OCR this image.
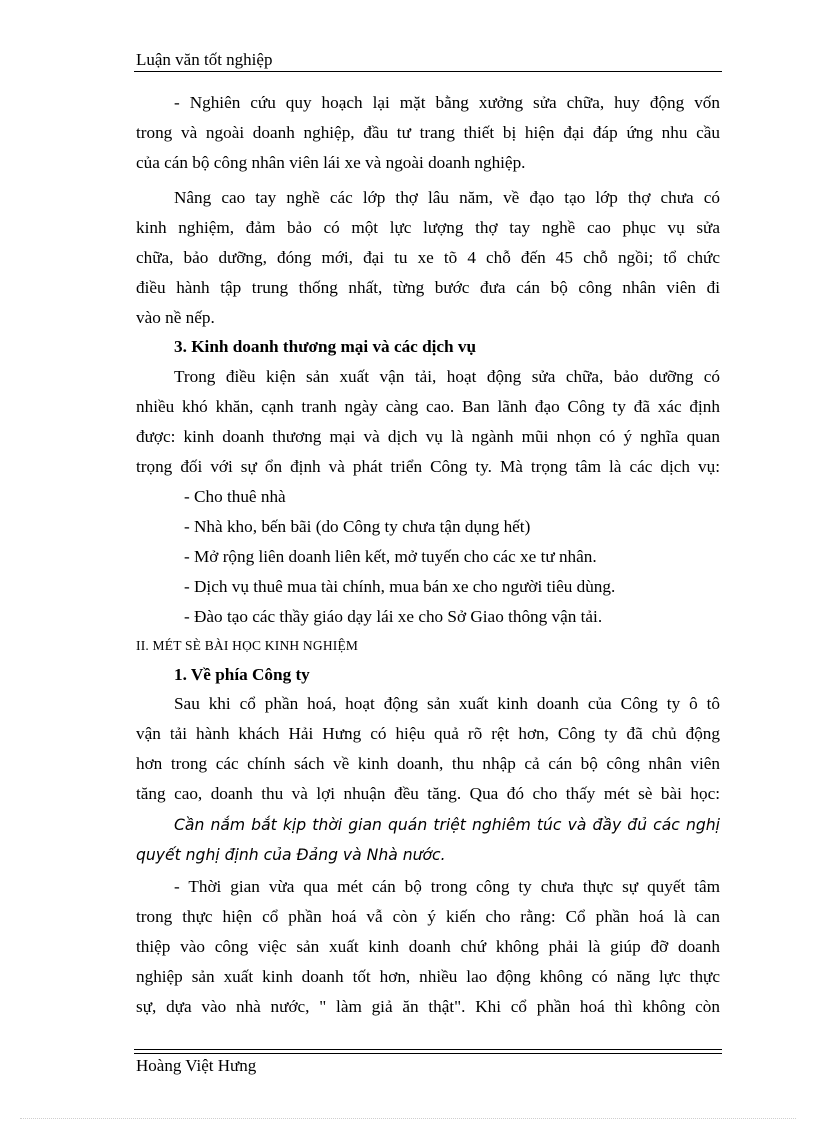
Luận văn tốt nghiệp
- Nghiên cứu quy hoạch lại mặt bằng xưởng sửa chữa, huy động vốn
trong và ngoài doanh nghiệp, đầu tư trang thiết bị hiện đại đáp ứng nhu cầu
của cán bộ công nhân viên lái xe và ngoài doanh nghiệp.
Nâng cao tay nghề các lớp thợ lâu năm, về đạo tạo lớp thợ chưa có
kinh nghiệm, đảm bảo có một lực lượng thợ tay nghề cao phục vụ sửa
chữa, bảo dưỡng, đóng mới, đại tu xe tõ 4 chỗ đến 45 chỗ ngồi; tổ chức
điều hành tập trung thống nhất, từng bước đưa cán bộ công nhân viên đi
vào nề nếp.
3. Kinh doanh thương mại và các dịch vụ
Trong điều kiện sản xuất vận tải, hoạt động sửa chữa, bảo dưỡng có
nhiều khó khăn, cạnh tranh ngày càng cao. Ban lãnh đạo Công ty đã xác định
được: kinh doanh thương mại và dịch vụ là ngành mũi nhọn có ý nghĩa quan
trọng đối với sự ổn định và phát triển Công ty. Mà trọng tâm là các dịch vụ:
- Cho thuê nhà
- Nhà kho, bến bãi (do Công ty chưa tận dụng hết)
- Mở rộng liên doanh liên kết, mở tuyến cho các xe tư nhân.
- Dịch vụ thuê mua tài chính, mua bán xe cho người tiêu dùng.
- Đào tạo các thầy giáo dạy lái xe cho Sở Giao thông vận tải.
II. MÉT SÈ BÀI HỌC KINH NGHIỆM
1. Về phía Công ty
Sau khi cổ phần hoá, hoạt động sản xuất kinh doanh của Công ty ô tô
vận tải hành khách Hải Hưng có hiệu quả rõ rệt hơn, Công ty đã chủ động
hơn trong các chính sách về kinh doanh, thu nhập cả cán bộ công nhân viên
tăng cao, doanh thu và lợi nhuận đều tăng. Qua đó cho thấy mét sè bài học:
Cần nắm bắt kịp thời gian quán triệt nghiêm túc và đầy đủ các nghị
quyết nghị định của Đảng và Nhà nước.
- Thời gian vừa qua mét cán bộ trong công ty chưa thực sự quyết tâm
trong thực hiện cổ phần hoá vẫ còn ý kiến cho rằng: Cổ phần hoá là can
thiệp vào công việc sản xuất kinh doanh chứ không phải là giúp đỡ doanh
nghiệp sản xuất kinh doanh tốt hơn, nhiều lao động không có năng lực thực
sự, dựa vào nhà nước, " làm giả ăn thật". Khi cổ phần hoá thì không còn
Hoàng Việt Hưng
